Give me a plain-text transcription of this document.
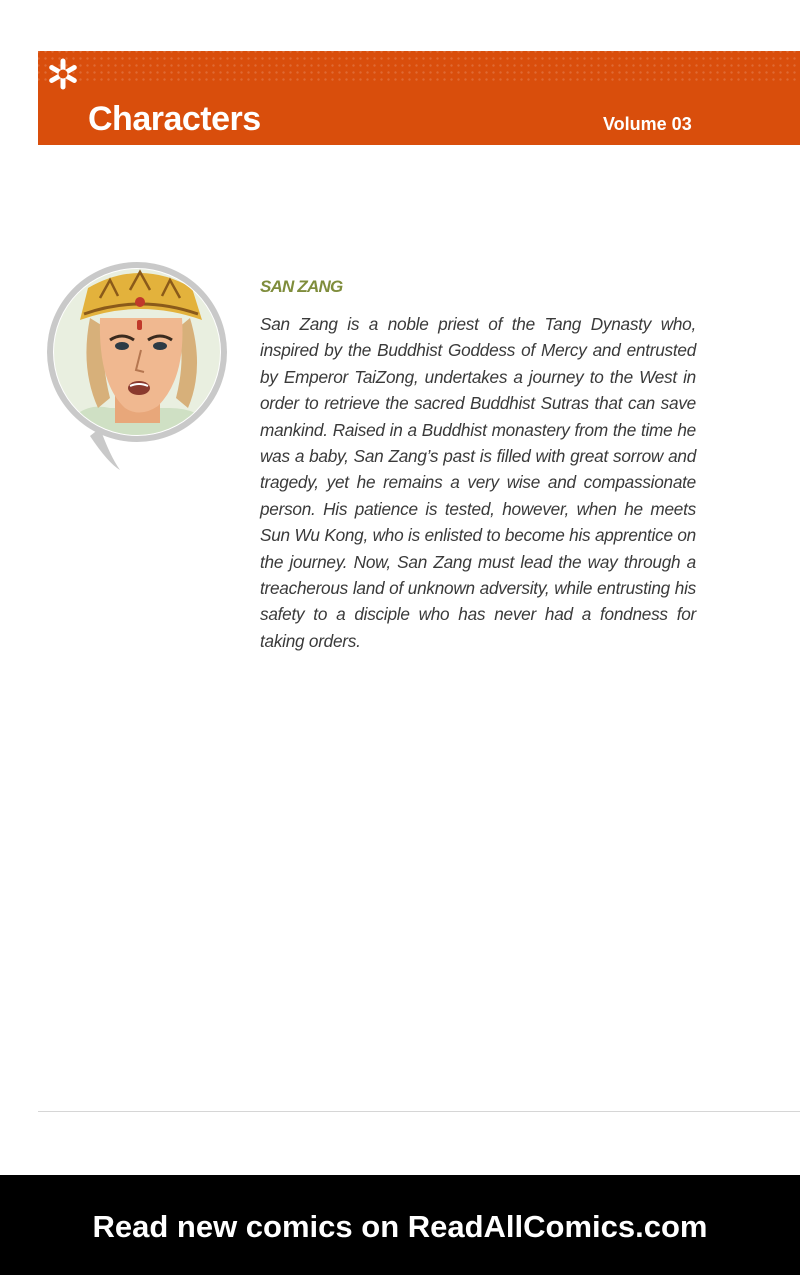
Characters	Volume 03
SAN ZANG

San Zang is a noble priest of the Tang Dynasty who, inspired by the Buddhist Goddess of Mercy and entrusted by Emperor TaiZong, undertakes a journey to the West in order to retrieve the sacred Buddhist Sutras that can save mankind. Raised in a Buddhist monastery from the time he was a baby, San Zang’s past is filled with great sorrow and tragedy, yet he remains a very wise and compassionate person. His patience is tested, however, when he meets Sun Wu Kong, who is enlisted to become his apprentice on the journey. Now, San Zang must lead the way through a treacherous land of unknown adversity, while entrusting his safety to a disciple who has never had a fondness for taking orders.

Read new comics on ReadAllComics.com
